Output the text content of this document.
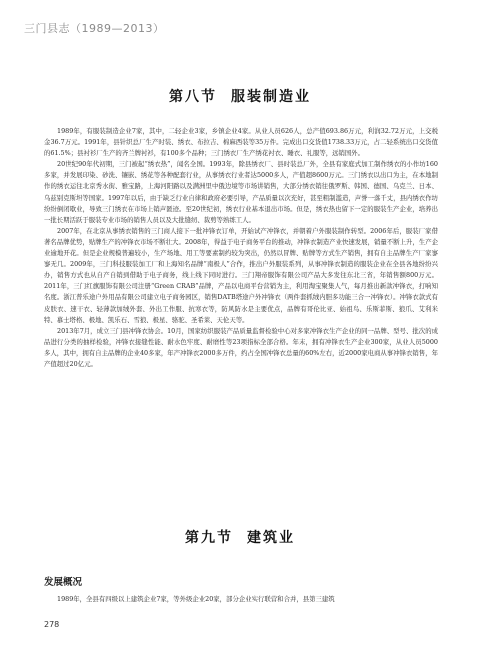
三门县志（1989—2013）
第八节 服装制造业

1989年，有服装制造企业7家，其中，二轻企业3家，乡镇企业4家。从业人员626人，总产值693.86万元，利润32.72万元，上交税金36.7万元。1991年，县针织总厂生产时装、绣衣、布拉吉、棉麻西装等35万件。完成出口交货值1738.33万元，占二轻系统出口交货值的61.5%；县衬衫厂生产的齐兰牌衬衫，有100多个品种；三门绣衣厂生产绣花衬衣、睡衣、礼服等，远销国外。

20世纪90年代初期，三门被起“绣衣热”，闻名全国。1993年，除县绣衣厂、县时装总厂外，全县有家庭式加工制作绣衣的小作坊160多家，并发展印染、砂洗、镶嵌、绣花等各种配套行业，从事绣衣行业者达5000多人，产值超8600万元。三门绣衣以出口为主，在本地制作的绣衣运往北京秀水街、雅宝路，上海河阳路以及满洲里中俄边境等市场讲销售，大部分绣衣销往俄罗斯、韩国、德国、乌克兰、日本、乌兹别克斯坦等国家。1997年以后，由于缺乏行业自律和政府必要引导，产品质量以次充好，甚至粗制滥造，声誉一落千丈，县内绣衣作坊纷纷倒闭歇业，导致三门绣衣在市场上销声匿迹。至20世纪初，绣衣行业基本退出市场。但是，绣衣热也留下一定的服装生产企业，培养出一批长期活跃于服装专业市场的销售人员以及大批缝纫、裁剪等熟练工人。

2007年，在北京从事绣衣销售的三门商人接下一批冲锋衣订单，开始试产冲锋衣，并朝着户外服装制作转型。2006年后，服装厂家借著名品牌优势，贴牌生产的冲锋衣市场不断壮大。2008年，得益于电子商务平台的推动，冲锋衣制造产业快速发展，销量不断上升，生产企业逾地开花。但是企业规模普遍较小，生产场地、用工等要素制约较为突出，仍然以冒牌、贴牌等方式生产销售，拥有自主品牌生产厂家寥寥无几。2009年，三门科技服装加工厂和上海知名品牌“南极人”合作，推出户外服装系列，从事冲锋衣制造的服装企业在全县各地纷纷兴办，销售方式也从自产自销到借助于电子商务，线上线下同时进行。三门翔帝服饰有限公司产品大多发往东北三省，年销售额800万元。2011年，三门红旗服饰有限公司注册“Green CRAB”品牌，产品以电商平台营销为主，利用淘宝聚集人气，每月推出新款冲锋衣，打响知名度。浙江普乐途户外用品有限公司建立电子商务园区，销售DATB塔途户外冲锋衣（两件套抓绒内胆多功能三合一冲锋衣）。冲锋衣款式有皮肤衣、速干衣、轻薄款加绒外套、外出工作服、抗寒衣等，防风防水是主要优点，品牌有哥伦比亚、始祖鸟、乐斯菲斯、狼爪、艾利米特、慕士塔格、极地、凯乐石、雪狼、极星、骆驼、圣希莱、天伦天等。

2013年7月，成立三门县冲锋衣协会。10月，国家纺织服装产品质量监督检验中心对多家冲锋衣生产企业的同一品牌、型号、批次的成品进行分类的抽样检验，冲锋衣接缝性能、耐水色牢度、耐磨性等23项指标全部合格。年末，拥有冲锋衣生产企业300家，从业人员5000多人，其中，拥有自主品牌的企业40多家，年产冲锋衣2000多万件，约占全国冲锋衣总量的60%左右，近2000家电商从事冲锋衣销售，年产值超过20亿元。

第九节 建筑业
发展概况

1989年，全县有四级以上建筑企业7家，等外级企业20家，部分企业实行联营和合并，县第三建筑

278
